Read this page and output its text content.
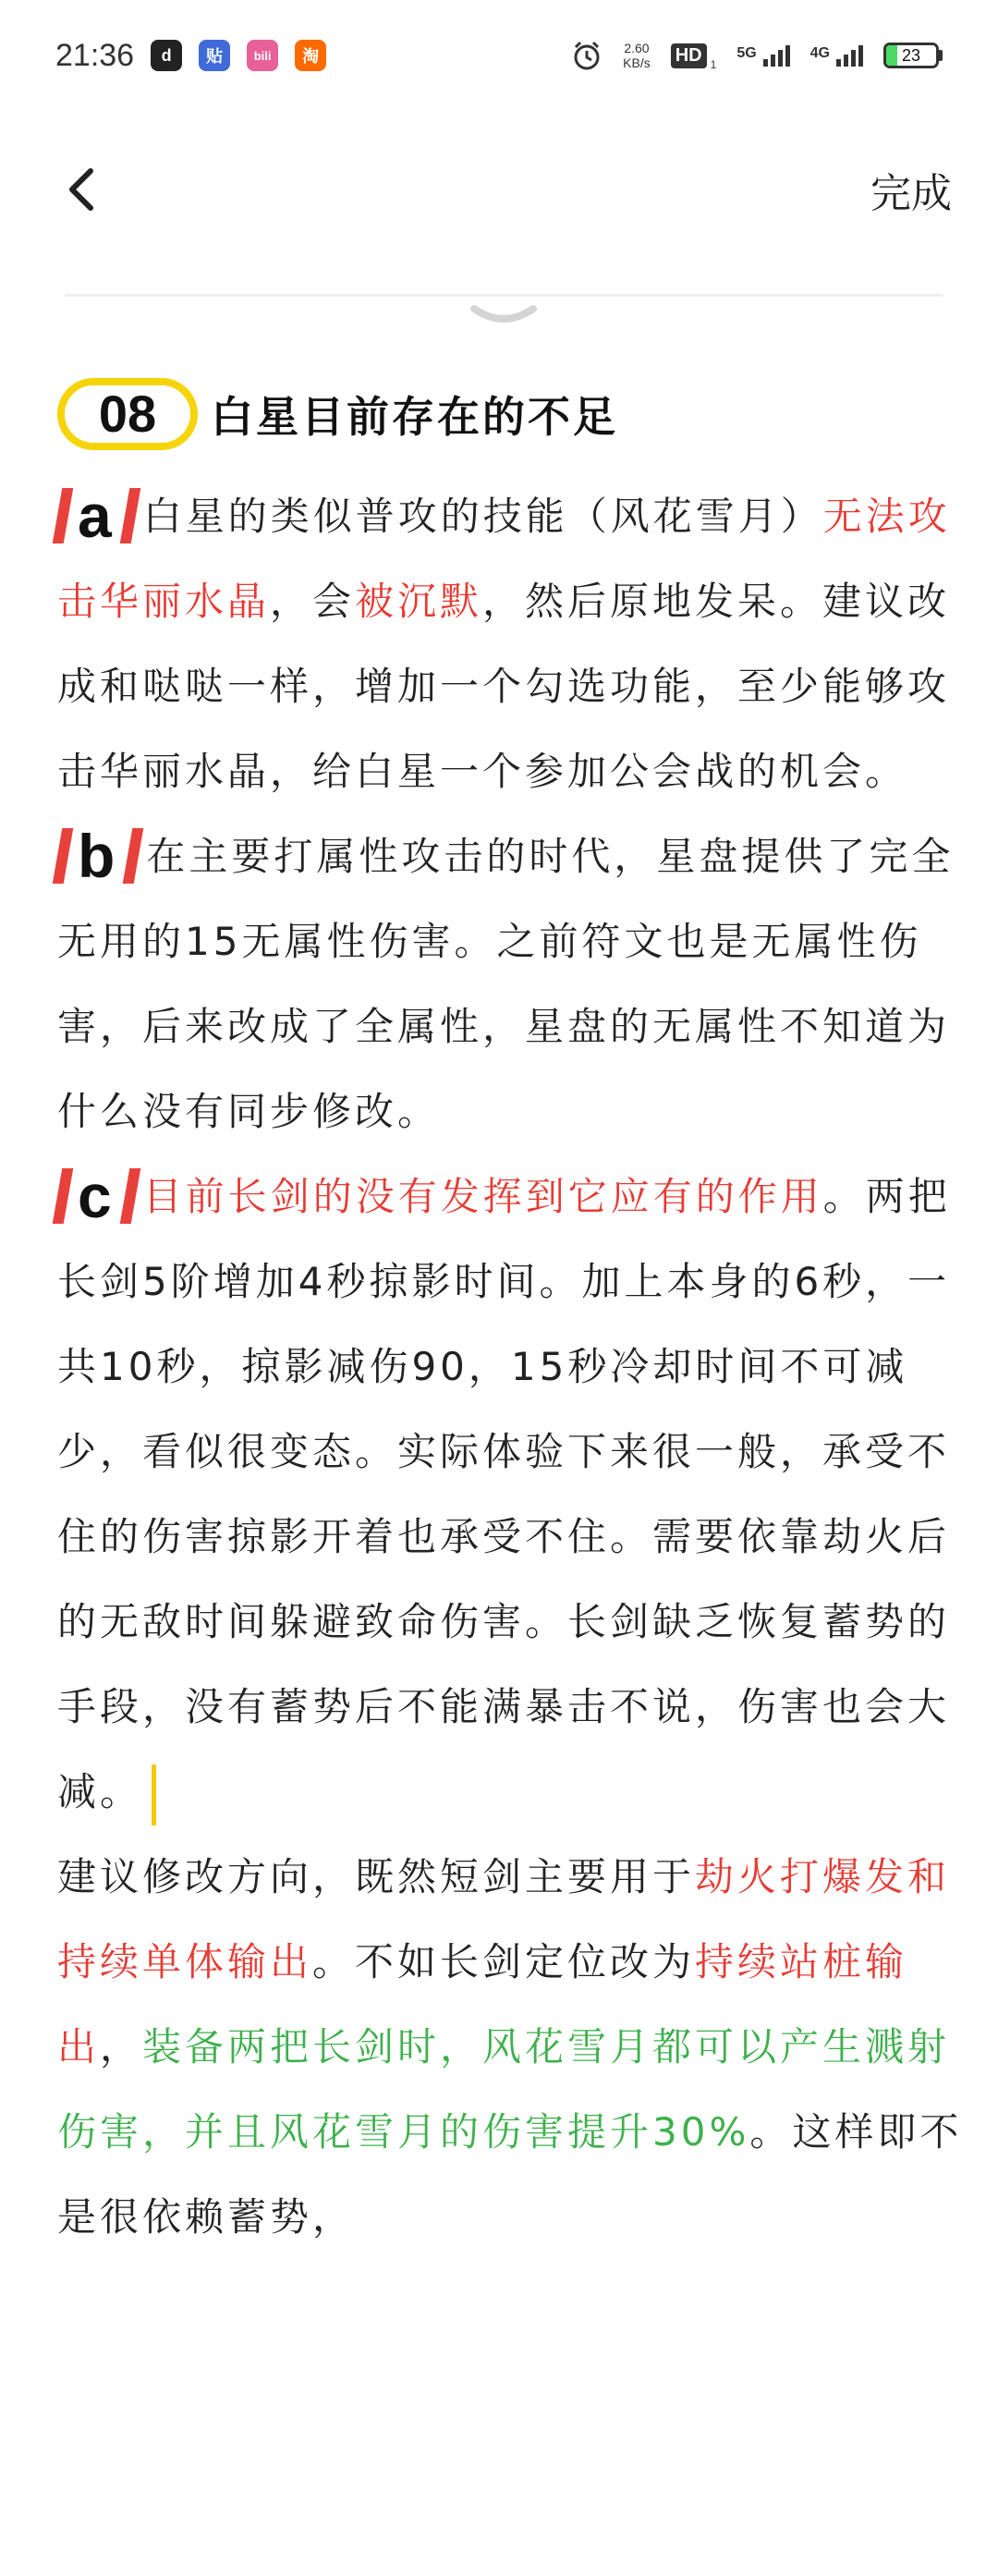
21:36	d	贴	bili	淘	2.60
KB/s HD 1
5G	4G	23
完成
08 白星目前存在的不足

a 白星的类似普攻的技能（风花雪月）无法攻击华丽水晶，会被沉默，然后原地发呆。建议改成和哒哒一样，增加一个勾选功能，至少能够攻击华丽水晶，给白星一个参加公会战的机会。

b 在主要打属性攻击的时代，星盘提供了完全无用的15无属性伤害。之前符文也是无属性伤害，后来改成了全属性，星盘的无属性不知道为什么没有同步修改。

c 目前长剑的没有发挥到它应有的作用。两把长剑5阶增加4秒掠影时间。加上本身的6秒，一共10秒，掠影减伤90，15秒冷却时间不可减少，看似很变态。实际体验下来很一般，承受不住的伤害掠影开着也承受不住。需要依靠劫火后的无敌时间躲避致命伤害。长剑缺乏恢复蓄势的手段，没有蓄势后不能满暴击不说，伤害也会大减。

建议修改方向，既然短剑主要用于劫火打爆发和持续单体输出。不如长剑定位改为持续站桩输出，装备两把长剑时，风花雪月都可以产生溅射伤害，并且风花雪月的伤害提升30%。这样即不是很依赖蓄势，
